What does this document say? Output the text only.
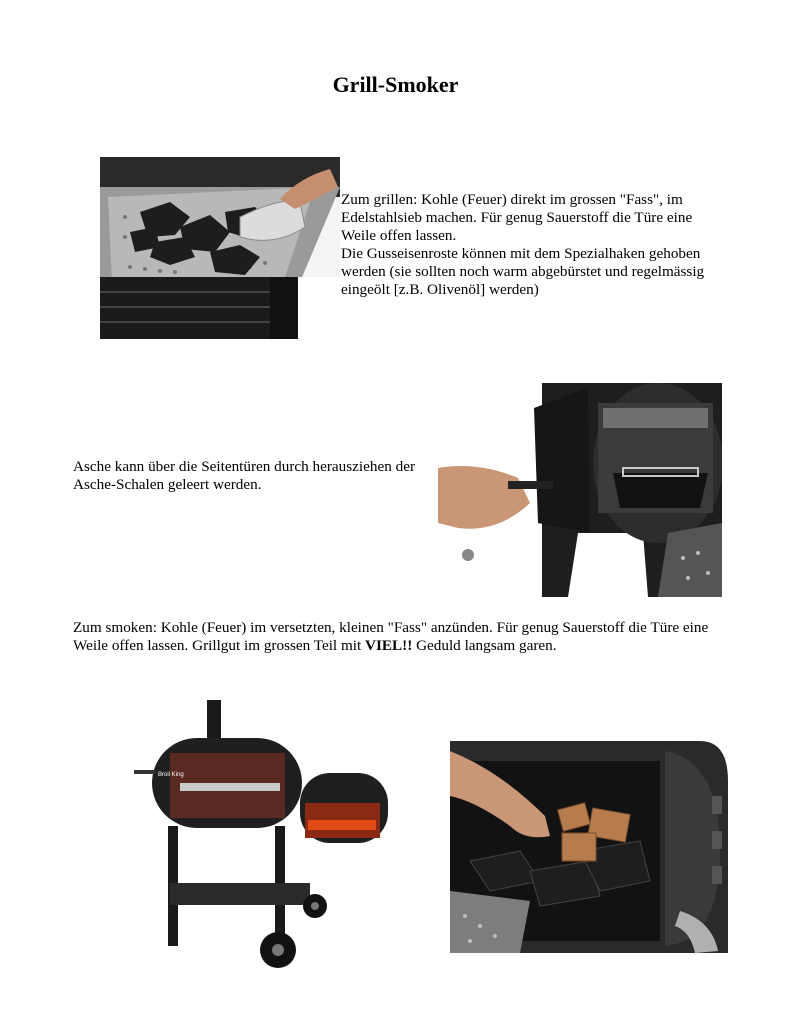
Grill-Smoker

Zum grillen: Kohle (Feuer) direkt im grossen "Fass", im
Edelstahlsieb machen. Für genug Sauerstoff die Türe eine
Weile offen lassen.
Die Gusseisenroste können mit dem Spezialhaken gehoben
werden (sie sollten noch warm abgebürstet und regelmässig
eingeölt [z.B. Olivenöl] werden)

Asche kann über die Seitentüren durch herausziehen der
Asche-Schalen geleert werden.

Zum smoken: Kohle (Feuer) im versetzten, kleinen "Fass" anzünden. Für genug Sauerstoff die Türe eine Weile offen lassen. Grillgut im grossen Teil mit VIEL!! Geduld langsam garen.

Broil King
